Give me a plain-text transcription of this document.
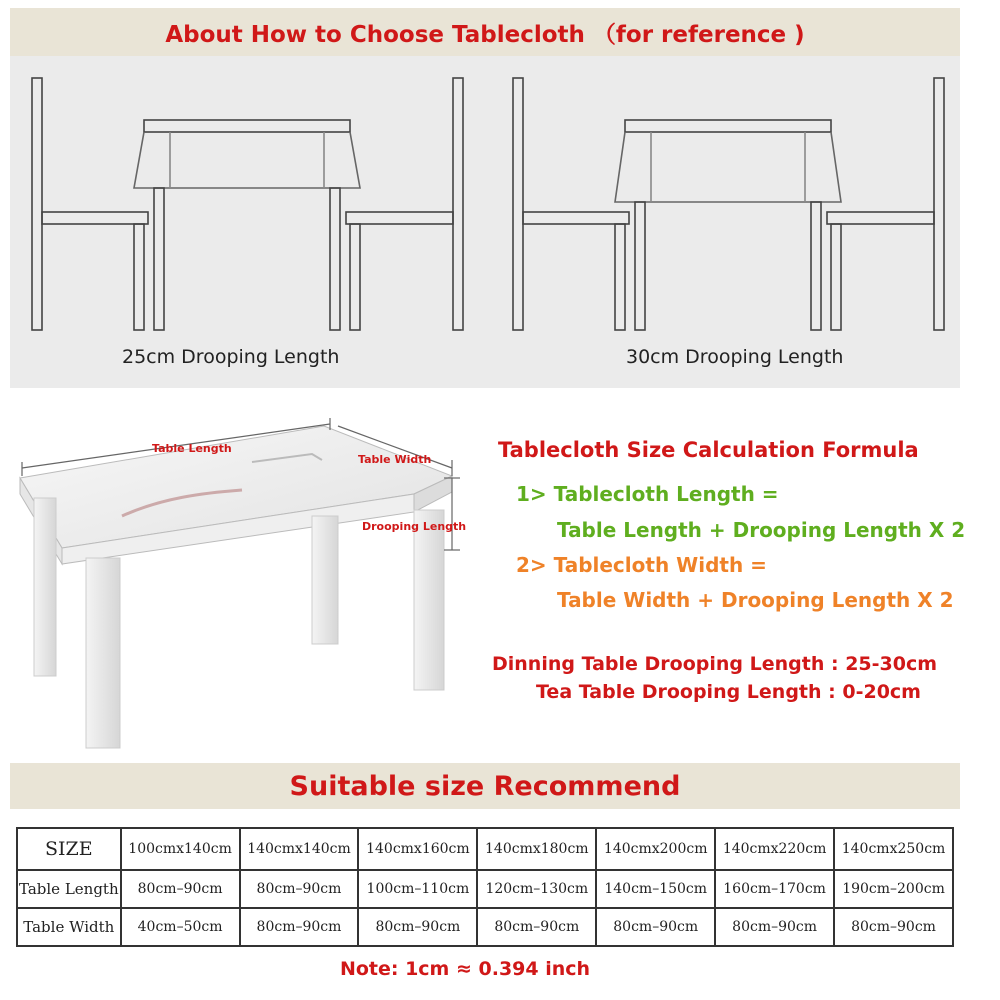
About How to Choose Tablecloth （for reference )
25cm Drooping Length	30cm Drooping Length
Table Length
Table Width
Drooping Length
Tablecloth Size Calculation Formula
1> Tablecloth Length =
Table Length + Drooping Length X 2
2> Tablecloth Width =
Table Width + Drooping Length X 2
Dinning Table Drooping Length : 25-30cm
Tea Table Drooping Length : 0-20cm
Suitable size Recommend
SIZE	100cmx140cm	140cmx140cm	140cmx160cm	140cmx180cm	140cmx200cm	140cmx220cm	140cmx250cm
Table Length	80cm–90cm	80cm–90cm	100cm–110cm	120cm–130cm	140cm–150cm	160cm–170cm	190cm–200cm
Table Width	40cm–50cm	80cm–90cm	80cm–90cm	80cm–90cm	80cm–90cm	80cm–90cm	80cm–90cm
Note: 1cm ≈ 0.394 inch
